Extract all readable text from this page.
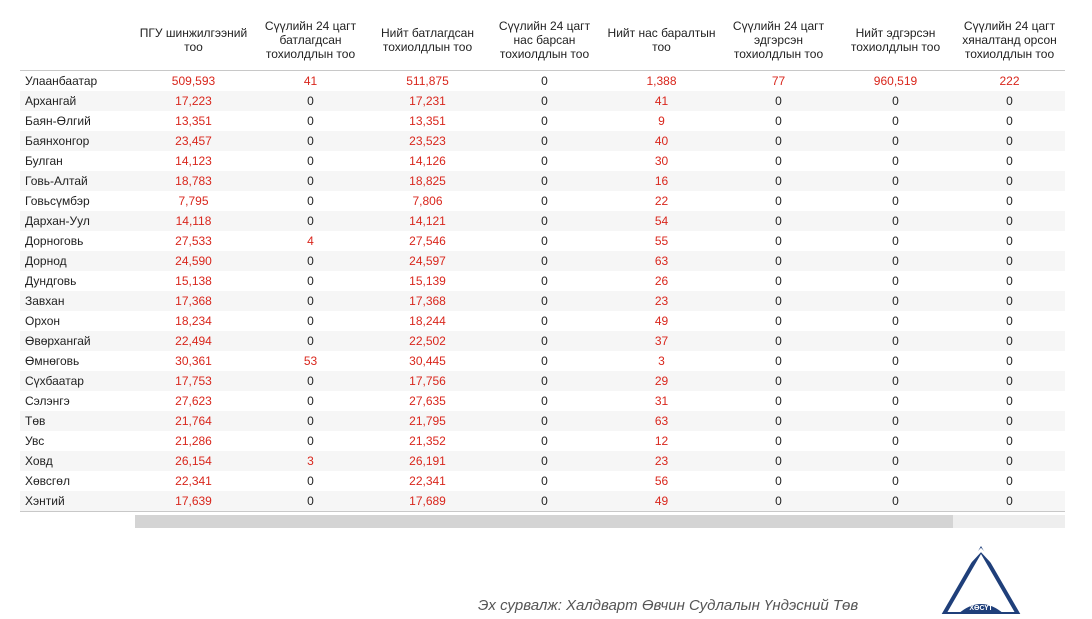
	ПГУ шинжилгээний тоо	Сүүлийн 24 цагт батлагдсан тохиолдлын тоо	Нийт батлагдсан тохиолдлын тоо	Сүүлийн 24 цагт нас барсан тохиолдлын тоо	Нийт нас баралтын тоо	Сүүлийн 24 цагт эдгэрсэн тохиолдлын тоо	Нийт эдгэрсэн тохиолдлын тоо	Сүүлийн 24 цагт хяналтанд орсон тохиолдлын тоо
Улаанбаатар	509,593	41	511,875	0	1,388	77	960,519	222
Архангай	17,223	0	17,231	0	41	0	0	0
Баян-Өлгий	13,351	0	13,351	0	9	0	0	0
Баянхонгор	23,457	0	23,523	0	40	0	0	0
Булган	14,123	0	14,126	0	30	0	0	0
Говь-Алтай	18,783	0	18,825	0	16	0	0	0
Говьсүмбэр	7,795	0	7,806	0	22	0	0	0
Дархан-Уул	14,118	0	14,121	0	54	0	0	0
Дорноговь	27,533	4	27,546	0	55	0	0	0
Дорнод	24,590	0	24,597	0	63	0	0	0
Дундговь	15,138	0	15,139	0	26	0	0	0
Завхан	17,368	0	17,368	0	23	0	0	0
Орхон	18,234	0	18,244	0	49	0	0	0
Өвөрхангай	22,494	0	22,502	0	37	0	0	0
Өмнөговь	30,361	53	30,445	0	3	0	0	0
Сүхбаатар	17,753	0	17,756	0	29	0	0	0
Сэлэнгэ	27,623	0	27,635	0	31	0	0	0
Төв	21,764	0	21,795	0	63	0	0	0
Увс	21,286	0	21,352	0	12	0	0	0
Ховд	26,154	3	26,191	0	23	0	0	0
Хөвсгөл	22,341	0	22,341	0	56	0	0	0
Хэнтий	17,639	0	17,689	0	49	0	0	0
Эх сурвалж: Халдварт Өвчин Судлалын Үндэсний Төв	ХӨСҮТ
